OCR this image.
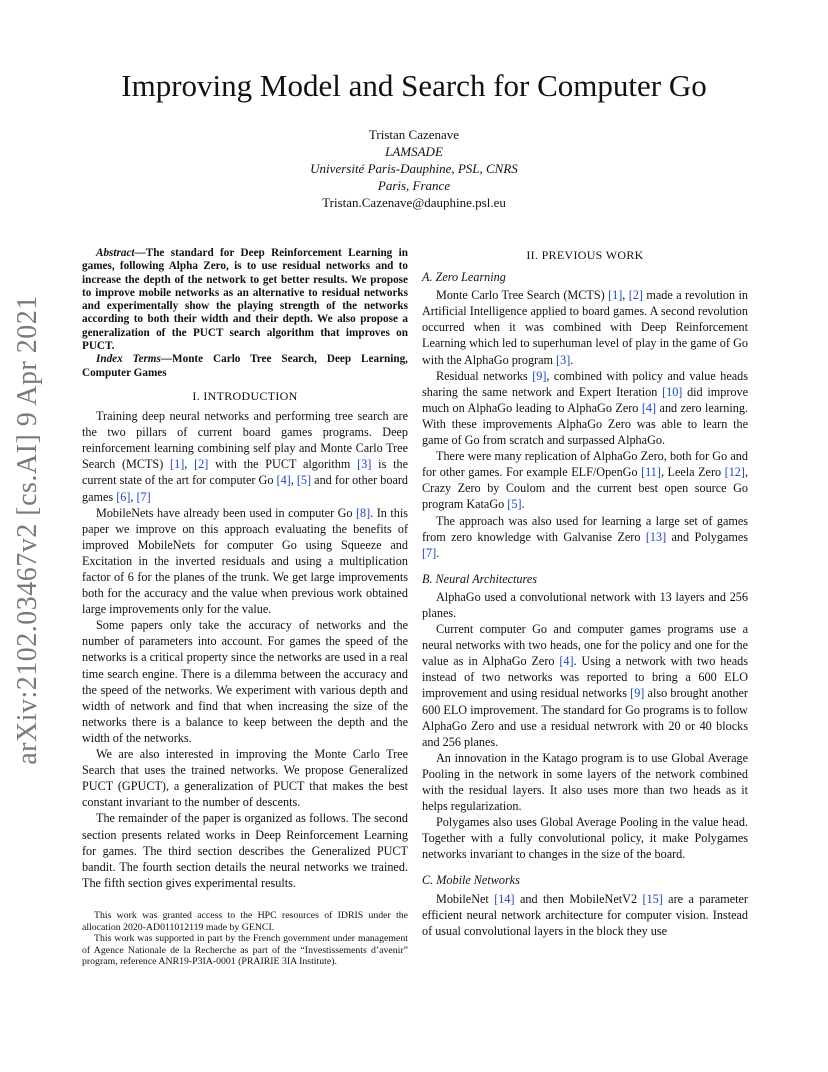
arXiv:2102.03467v2 [cs.AI] 9 Apr 2021
Improving Model and Search for Computer Go
Tristan Cazenave
LAMSADE
Université Paris-Dauphine, PSL, CNRS
Paris, France
Tristan.Cazenave@dauphine.psl.eu

Abstract—The standard for Deep Reinforcement Learning in games, following Alpha Zero, is to use residual networks and to increase the depth of the network to get better results. We propose to improve mobile networks as an alternative to residual networks and experimentally show the playing strength of the networks according to both their width and their depth. We also propose a generalization of the PUCT search algorithm that improves on PUCT.

Index Terms—Monte Carlo Tree Search, Deep Learning, Computer Games

I. INTRODUCTION

Training deep neural networks and performing tree search are the two pillars of current board games programs. Deep reinforcement learning combining self play and Monte Carlo Tree Search (MCTS) [1], [2] with the PUCT algorithm [3] is the current state of the art for computer Go [4], [5] and for other board games [6], [7]

MobileNets have already been used in computer Go [8]. In this paper we improve on this approach evaluating the benefits of improved MobileNets for computer Go using Squeeze and Excitation in the inverted residuals and using a multiplication factor of 6 for the planes of the trunk. We get large improvements both for the accuracy and the value when previous work obtained large improvements only for the value.

Some papers only take the accuracy of networks and the number of parameters into account. For games the speed of the networks is a critical property since the networks are used in a real time search engine. There is a dilemma between the accuracy and the speed of the networks. We experiment with various depth and width of network and find that when increasing the size of the networks there is a balance to keep between the depth and the width of the networks.

We are also interested in improving the Monte Carlo Tree Search that uses the trained networks. We propose Generalized PUCT (GPUCT), a generalization of PUCT that makes the best constant invariant to the number of descents.

The remainder of the paper is organized as follows. The second section presents related works in Deep Reinforcement Learning for games. The third section describes the Generalized PUCT bandit. The fourth section details the neural networks we trained. The fifth section gives experimental results.

This work was granted access to the HPC resources of IDRIS under the allocation 2020-AD011012119 made by GENCI.

This work was supported in part by the French government under management of Agence Nationale de la Recherche as part of the “Investissements d’avenir” program, reference ANR19-P3IA-0001 (PRAIRIE 3IA Institute).

II. PREVIOUS WORK
A. Zero Learning

Monte Carlo Tree Search (MCTS) [1], [2] made a revolution in Artificial Intelligence applied to board games. A second revolution occurred when it was combined with Deep Reinforcement Learning which led to superhuman level of play in the game of Go with the AlphaGo program [3].

Residual networks [9], combined with policy and value heads sharing the same network and Expert Iteration [10] did improve much on AlphaGo leading to AlphaGo Zero [4] and zero learning. With these improvements AlphaGo Zero was able to learn the game of Go from scratch and surpassed AlphaGo.

There were many replication of AlphaGo Zero, both for Go and for other games. For example ELF/OpenGo [11], Leela Zero [12], Crazy Zero by Coulom and the current best open source Go program KataGo [5].

The approach was also used for learning a large set of games from zero knowledge with Galvanise Zero [13] and Polygames [7].

B. Neural Architectures

AlphaGo used a convolutional network with 13 layers and 256 planes.

Current computer Go and computer games programs use a neural networks with two heads, one for the policy and one for the value as in AlphaGo Zero [4]. Using a network with two heads instead of two networks was reported to bring a 600 ELO improvement and using residual networks [9] also brought another 600 ELO improvement. The standard for Go programs is to follow AlphaGo Zero and use a residual netwrork with 20 or 40 blocks and 256 planes.

An innovation in the Katago program is to use Global Average Pooling in the network in some layers of the network combined with the residual layers. It also uses more than two heads as it helps regularization.

Polygames also uses Global Average Pooling in the value head. Together with a fully convolutional policy, it make Polygames networks invariant to changes in the size of the board.

C. Mobile Networks

MobileNet [14] and then MobileNetV2 [15] are a parameter efficient neural network architecture for computer vision. Instead of usual convolutional layers in the block they use
